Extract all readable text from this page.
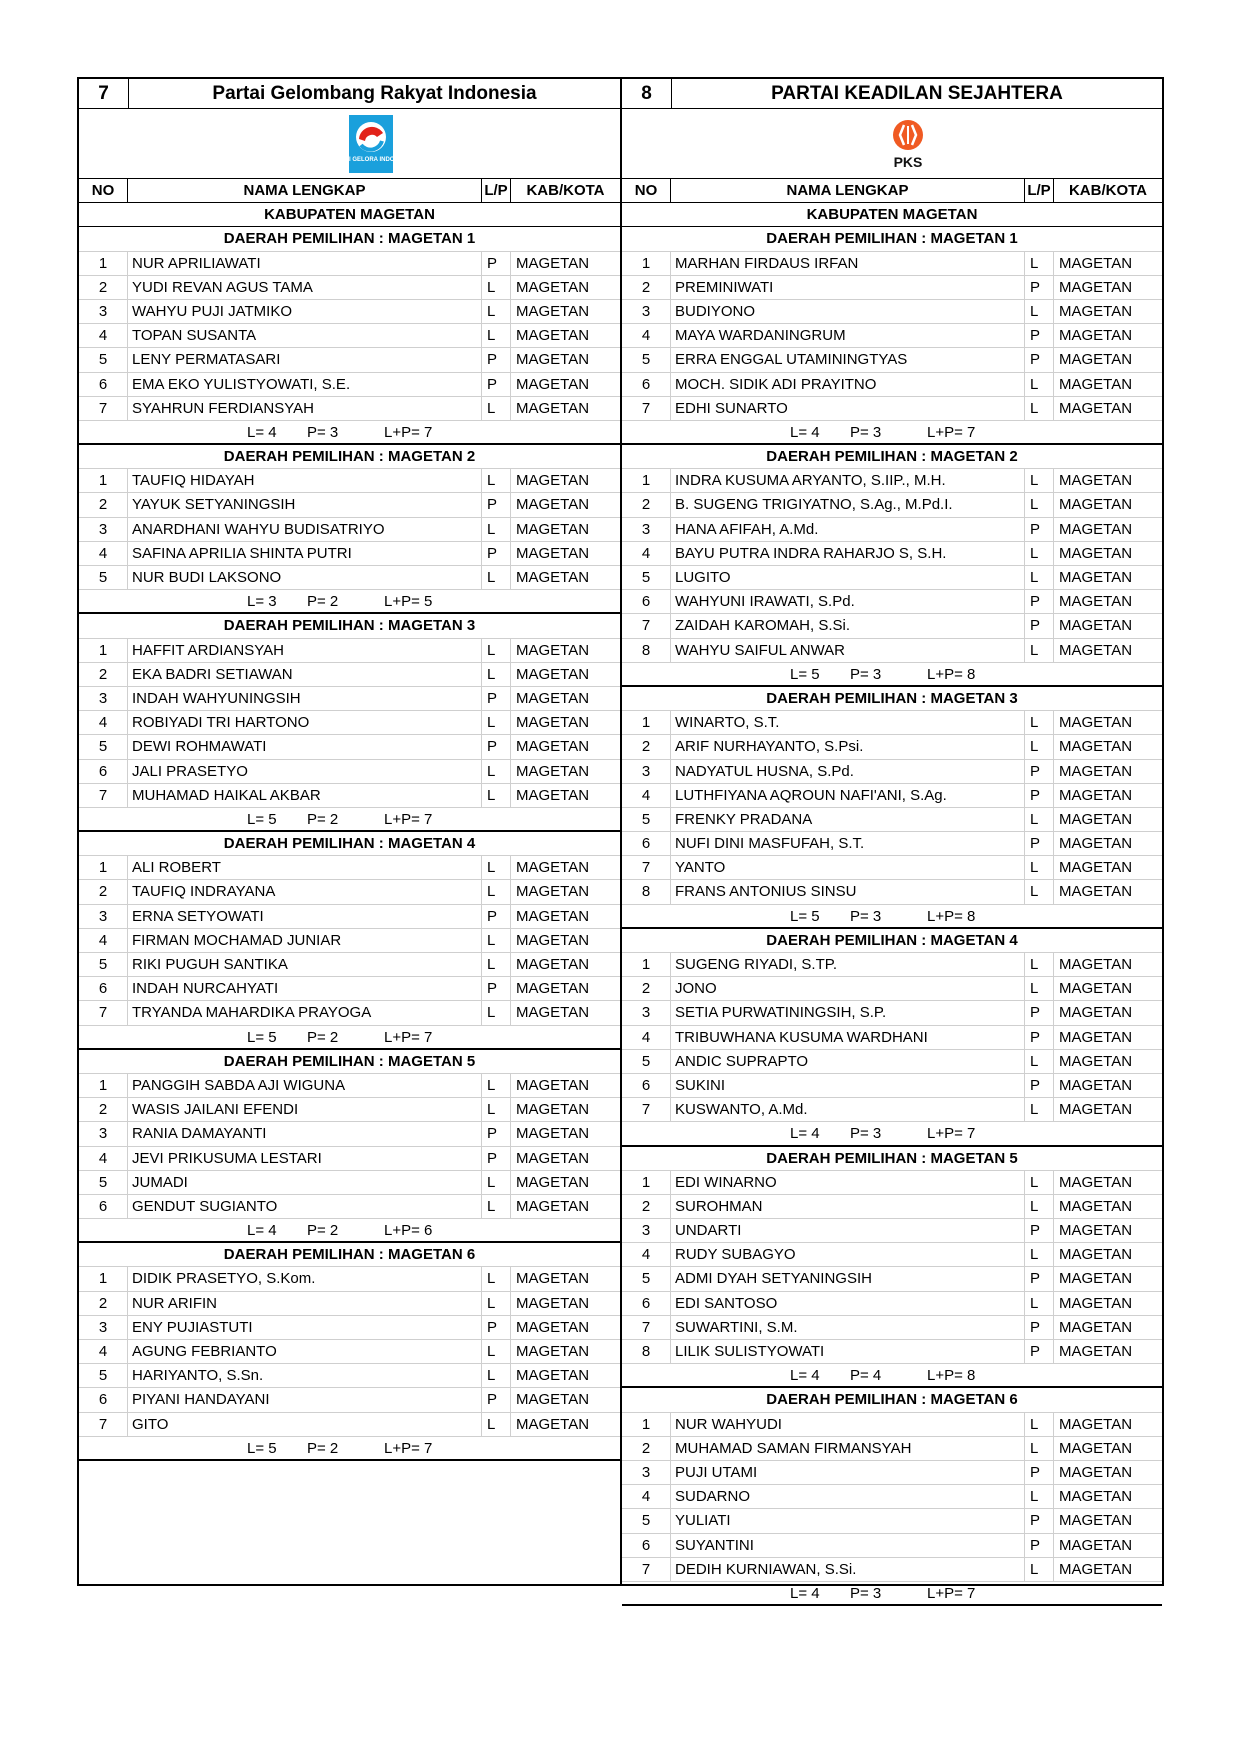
7	Partai Gelombang Rakyat Indonesia
PARTAI GELORA INDONESIA
NO	NAMA LENGKAP	L/P	KAB/KOTA
KABUPATEN MAGETAN
DAERAH PEMILIHAN : MAGETAN 1
1	NUR APRILIAWATI	P	MAGETAN
2	YUDI REVAN AGUS TAMA	L	MAGETAN
3	WAHYU PUJI JATMIKO	L	MAGETAN
4	TOPAN SUSANTA	L	MAGETAN
5	LENY PERMATASARI	P	MAGETAN
6	EMA EKO YULISTYOWATI, S.E.	P	MAGETAN
7	SYAHRUN FERDIANSYAH	L	MAGETAN
L= 4 P= 3	L+P= 7
DAERAH PEMILIHAN : MAGETAN 2
1	TAUFIQ HIDAYAH	L	MAGETAN
2	YAYUK SETYANINGSIH	P	MAGETAN
3	ANARDHANI WAHYU BUDISATRIYO	L	MAGETAN
4	SAFINA APRILIA SHINTA PUTRI	P	MAGETAN
5	NUR BUDI LAKSONO	L	MAGETAN
L= 3 P= 2	L+P= 5
DAERAH PEMILIHAN : MAGETAN 3
1	HAFFIT ARDIANSYAH	L	MAGETAN
2	EKA BADRI SETIAWAN	L	MAGETAN
3	INDAH WAHYUNINGSIH	P	MAGETAN
4	ROBIYADI TRI HARTONO	L	MAGETAN
5	DEWI ROHMAWATI	P	MAGETAN
6	JALI PRASETYO	L	MAGETAN
7	MUHAMAD HAIKAL AKBAR	L	MAGETAN
L= 5 P= 2	L+P= 7
DAERAH PEMILIHAN : MAGETAN 4
1	ALI ROBERT	L	MAGETAN
2	TAUFIQ INDRAYANA	L	MAGETAN
3	ERNA SETYOWATI	P	MAGETAN
4	FIRMAN MOCHAMAD JUNIAR	L	MAGETAN
5	RIKI PUGUH SANTIKA	L	MAGETAN
6	INDAH NURCAHYATI	P	MAGETAN
7	TRYANDA MAHARDIKA PRAYOGA	L	MAGETAN
L= 5 P= 2	L+P= 7
DAERAH PEMILIHAN : MAGETAN 5
1	PANGGIH SABDA AJI WIGUNA	L	MAGETAN
2	WASIS JAILANI EFENDI	L	MAGETAN
3	RANIA DAMAYANTI	P	MAGETAN
4	JEVI PRIKUSUMA LESTARI	P	MAGETAN
5	JUMADI	L	MAGETAN
6	GENDUT SUGIANTO	L	MAGETAN
L= 4 P= 2	L+P= 6
DAERAH PEMILIHAN : MAGETAN 6
1	DIDIK PRASETYO, S.Kom.	L	MAGETAN
2	NUR ARIFIN	L	MAGETAN
3	ENY PUJIASTUTI	P	MAGETAN
4	AGUNG FEBRIANTO	L	MAGETAN
5	HARIYANTO, S.Sn.	L	MAGETAN
6	PIYANI HANDAYANI	P	MAGETAN
7	GITO	L	MAGETAN
L= 5 P= 2	L+P= 7
8	PARTAI KEADILAN SEJAHTERA
PKS
NO	NAMA LENGKAP	L/P	KAB/KOTA
KABUPATEN MAGETAN
DAERAH PEMILIHAN : MAGETAN 1
1	MARHAN FIRDAUS IRFAN	L	MAGETAN
2	PREMINIWATI	P	MAGETAN
3	BUDIYONO	L	MAGETAN
4	MAYA WARDANINGRUM	P	MAGETAN
5	ERRA ENGGAL UTAMININGTYAS	P	MAGETAN
6	MOCH. SIDIK ADI PRAYITNO	L	MAGETAN
7	EDHI SUNARTO	L	MAGETAN
L= 4 P= 3	L+P= 7
DAERAH PEMILIHAN : MAGETAN 2
1	INDRA KUSUMA ARYANTO, S.IIP., M.H.	L	MAGETAN
2	B. SUGENG TRIGIYATNO, S.Ag., M.Pd.I.	L	MAGETAN
3	HANA AFIFAH, A.Md.	P	MAGETAN
4	BAYU PUTRA INDRA RAHARJO S, S.H.	L	MAGETAN
5	LUGITO	L	MAGETAN
6	WAHYUNI IRAWATI, S.Pd.	P	MAGETAN
7	ZAIDAH KAROMAH, S.Si.	P	MAGETAN
8	WAHYU SAIFUL ANWAR	L	MAGETAN
L= 5 P= 3	L+P= 8
DAERAH PEMILIHAN : MAGETAN 3
1	WINARTO, S.T.	L	MAGETAN
2	ARIF NURHAYANTO, S.Psi.	L	MAGETAN
3	NADYATUL HUSNA, S.Pd.	P	MAGETAN
4	LUTHFIYANA AQROUN NAFI'ANI, S.Ag.	P	MAGETAN
5	FRENKY PRADANA	L	MAGETAN
6	NUFI DINI MASFUFAH, S.T.	P	MAGETAN
7	YANTO	L	MAGETAN
8	FRANS ANTONIUS SINSU	L	MAGETAN
L= 5 P= 3	L+P= 8
DAERAH PEMILIHAN : MAGETAN 4
1	SUGENG RIYADI, S.TP.	L	MAGETAN
2	JONO	L	MAGETAN
3	SETIA PURWATININGSIH, S.P.	P	MAGETAN
4	TRIBUWHANA KUSUMA WARDHANI	P	MAGETAN
5	ANDIC SUPRAPTO	L	MAGETAN
6	SUKINI	P	MAGETAN
7	KUSWANTO, A.Md.	L	MAGETAN
L= 4 P= 3	L+P= 7
DAERAH PEMILIHAN : MAGETAN 5
1	EDI WINARNO	L	MAGETAN
2	SUROHMAN	L	MAGETAN
3	UNDARTI	P	MAGETAN
4	RUDY SUBAGYO	L	MAGETAN
5	ADMI DYAH SETYANINGSIH	P	MAGETAN
6	EDI SANTOSO	L	MAGETAN
7	SUWARTINI, S.M.	P	MAGETAN
8	LILIK SULISTYOWATI	P	MAGETAN
L= 4 P= 4	L+P= 8
DAERAH PEMILIHAN : MAGETAN 6
1	NUR WAHYUDI	L	MAGETAN
2	MUHAMAD SAMAN FIRMANSYAH	L	MAGETAN
3	PUJI UTAMI	P	MAGETAN
4	SUDARNO	L	MAGETAN
5	YULIATI	P	MAGETAN
6	SUYANTINI	P	MAGETAN
7	DEDIH KURNIAWAN, S.Si.	L	MAGETAN
L= 4 P= 3	L+P= 7
